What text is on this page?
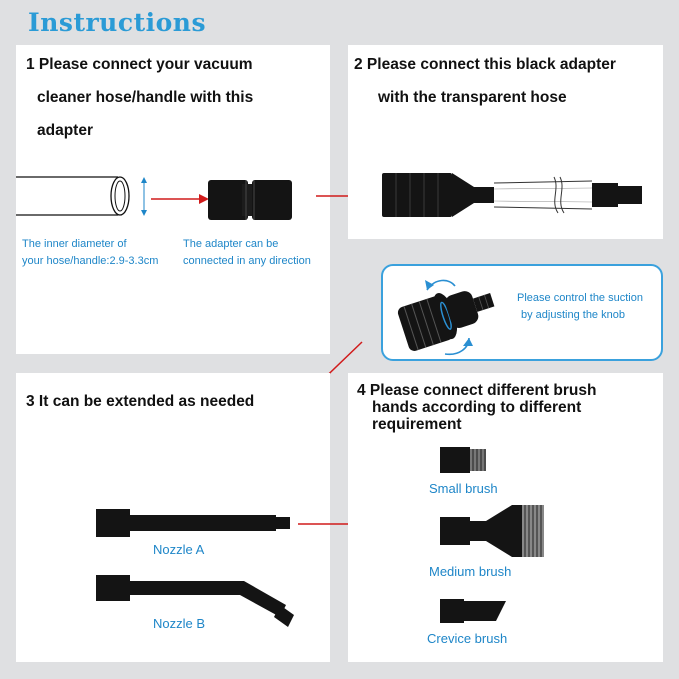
Instructions
1 Please connect your vacuum
cleaner hose/handle with this
adapter
The inner diameter of
your hose/handle:2.9-3.3cm
The adapter can be
connected in any direction
2 Please connect this black adapter
with the transparent hose
Please control the suction
by adjusting the knob
3 It can be extended as needed
Nozzle A
Nozzle B
4 Please connect different brush
hands according to different
requirement
Small brush
Medium brush
Crevice brush
